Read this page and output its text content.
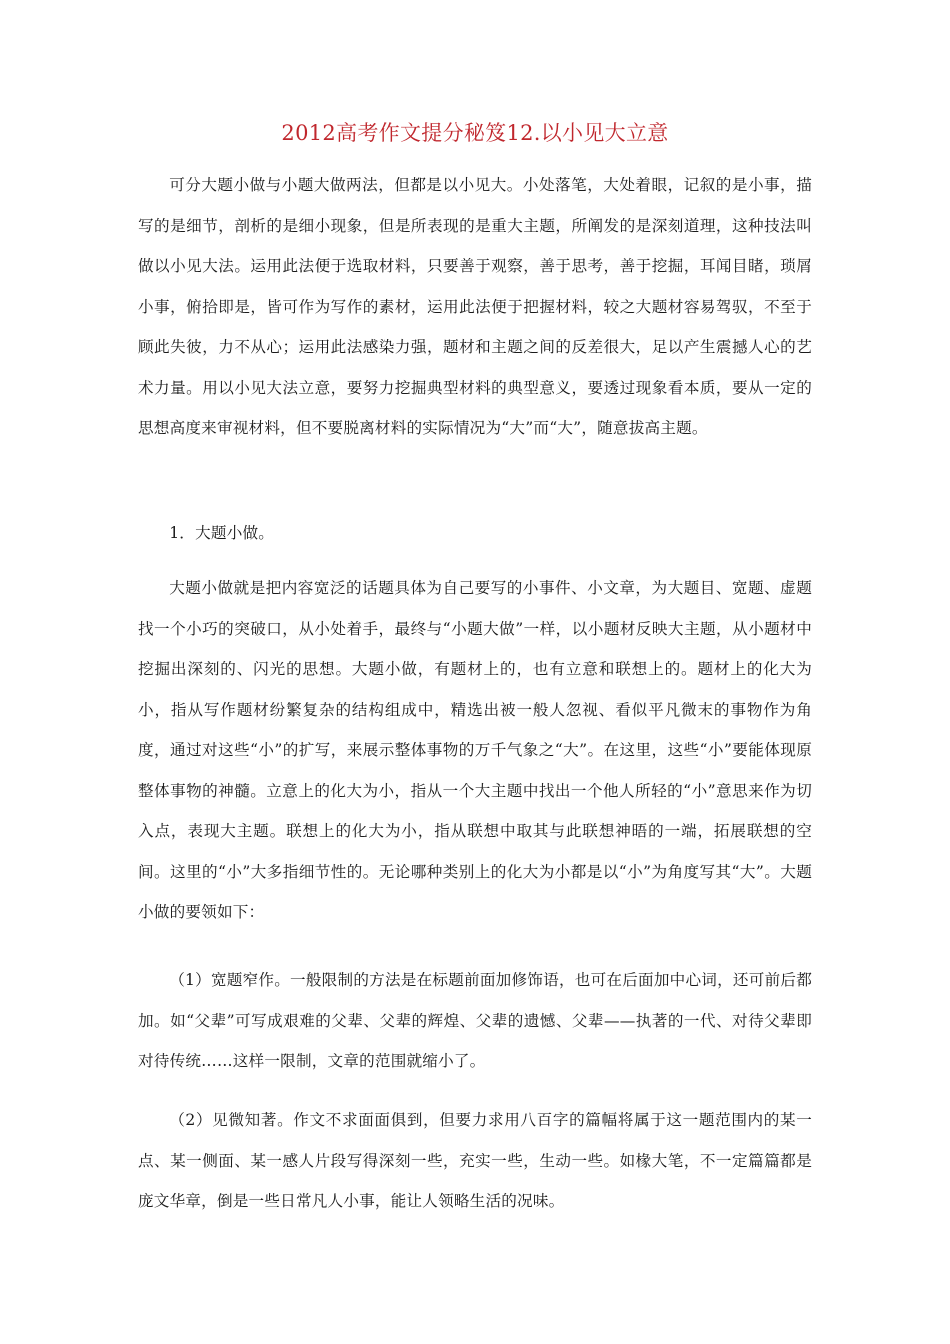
2012高考作文提分秘笈12.以小见大立意

可分大题小做与小题大做两法，但都是以小见大。小处落笔，大处着眼，记叙的是小事，描写的是细节，剖析的是细小现象，但是所表现的是重大主题，所阐发的是深刻道理，这种技法叫做以小见大法。运用此法便于选取材料，只要善于观察，善于思考，善于挖掘，耳闻目睹，琐屑小事，俯拾即是，皆可作为写作的素材，运用此法便于把握材料，较之大题材容易驾驭，不至于顾此失彼，力不从心；运用此法感染力强，题材和主题之间的反差很大，足以产生震撼人心的艺术力量。用以小见大法立意，要努力挖掘典型材料的典型意义，要透过现象看本质，要从一定的思想高度来审视材料，但不要脱离材料的实际情况为“大”而“大”，随意拔高主题。

1．大题小做。

大题小做就是把内容宽泛的话题具体为自己要写的小事件、小文章，为大题目、宽题、虚题找一个小巧的突破口，从小处着手，最终与“小题大做”一样，以小题材反映大主题，从小题材中挖掘出深刻的、闪光的思想。大题小做，有题材上的，也有立意和联想上的。题材上的化大为小，指从写作题材纷繁复杂的结构组成中，精选出被一般人忽视、看似平凡微末的事物作为角度，通过对这些“小”的扩写，来展示整体事物的万千气象之“大”。在这里，这些“小”要能体现原整体事物的神髓。立意上的化大为小，指从一个大主题中找出一个他人所轻的“小”意思来作为切入点，表现大主题。联想上的化大为小，指从联想中取其与此联想神晤的一端，拓展联想的空间。这里的“小”大多指细节性的。无论哪种类别上的化大为小都是以“小”为角度写其“大”。大题小做的要领如下：

（1）宽题窄作。一般限制的方法是在标题前面加修饰语，也可在后面加中心词，还可前后都加。如“父辈”可写成艰难的父辈、父辈的辉煌、父辈的遗憾、父辈——执著的一代、对待父辈即对待传统……这样一限制，文章的范围就缩小了。

（2）见微知著。作文不求面面俱到，但要力求用八百字的篇幅将属于这一题范围内的某一点、某一侧面、某一感人片段写得深刻一些，充实一些，生动一些。如椽大笔，不一定篇篇都是庞文华章，倒是一些日常凡人小事，能让人领略生活的况味。
